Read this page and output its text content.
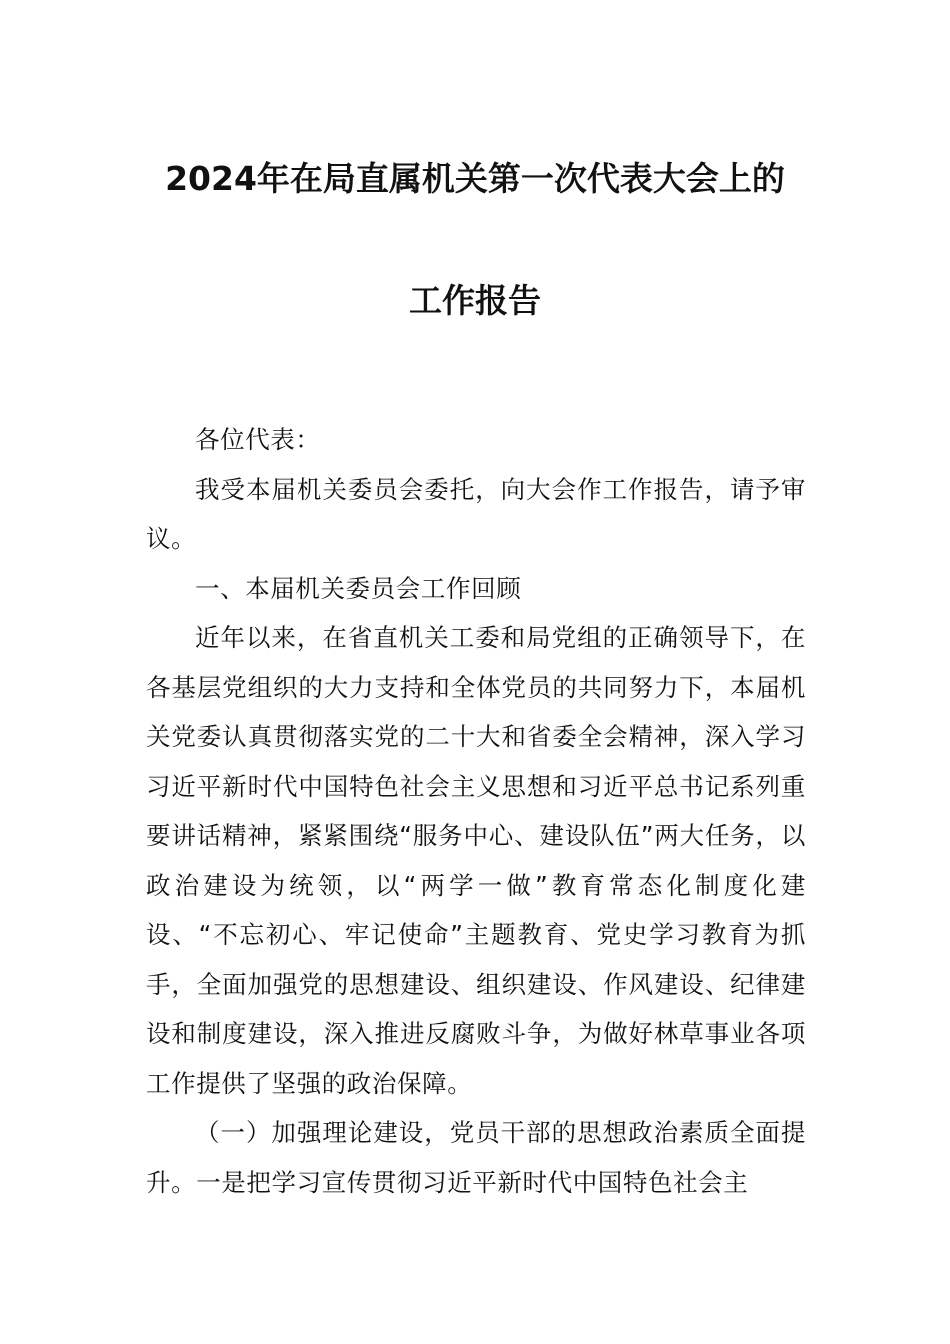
2024年在局直属机关第一次代表大会上的
工作报告

各位代表：

我受本届机关委员会委托，向大会作工作报告，请予审议。

一、本届机关委员会工作回顾

近年以来，在省直机关工委和局党组的正确领导下，在各基层党组织的大力支持和全体党员的共同努力下，本届机关党委认真贯彻落实党的二十大和省委全会精神，深入学习习近平新时代中国特色社会主义思想和习近平总书记系列重要讲话精神，紧紧围绕“服务中心、建设队伍”两大任务，以政治建设为统领，以“两学一做”教育常态化制度化建设、“不忘初心、牢记使命”主题教育、党史学习教育为抓手，全面加强党的思想建设、组织建设、作风建设、纪律建设和制度建设，深入推进反腐败斗争，为做好林草事业各项工作提供了坚强的政治保障。

（一）加强理论建设，党员干部的思想政治素质全面提升。一是把学习宣传贯彻习近平新时代中国特色社会主
